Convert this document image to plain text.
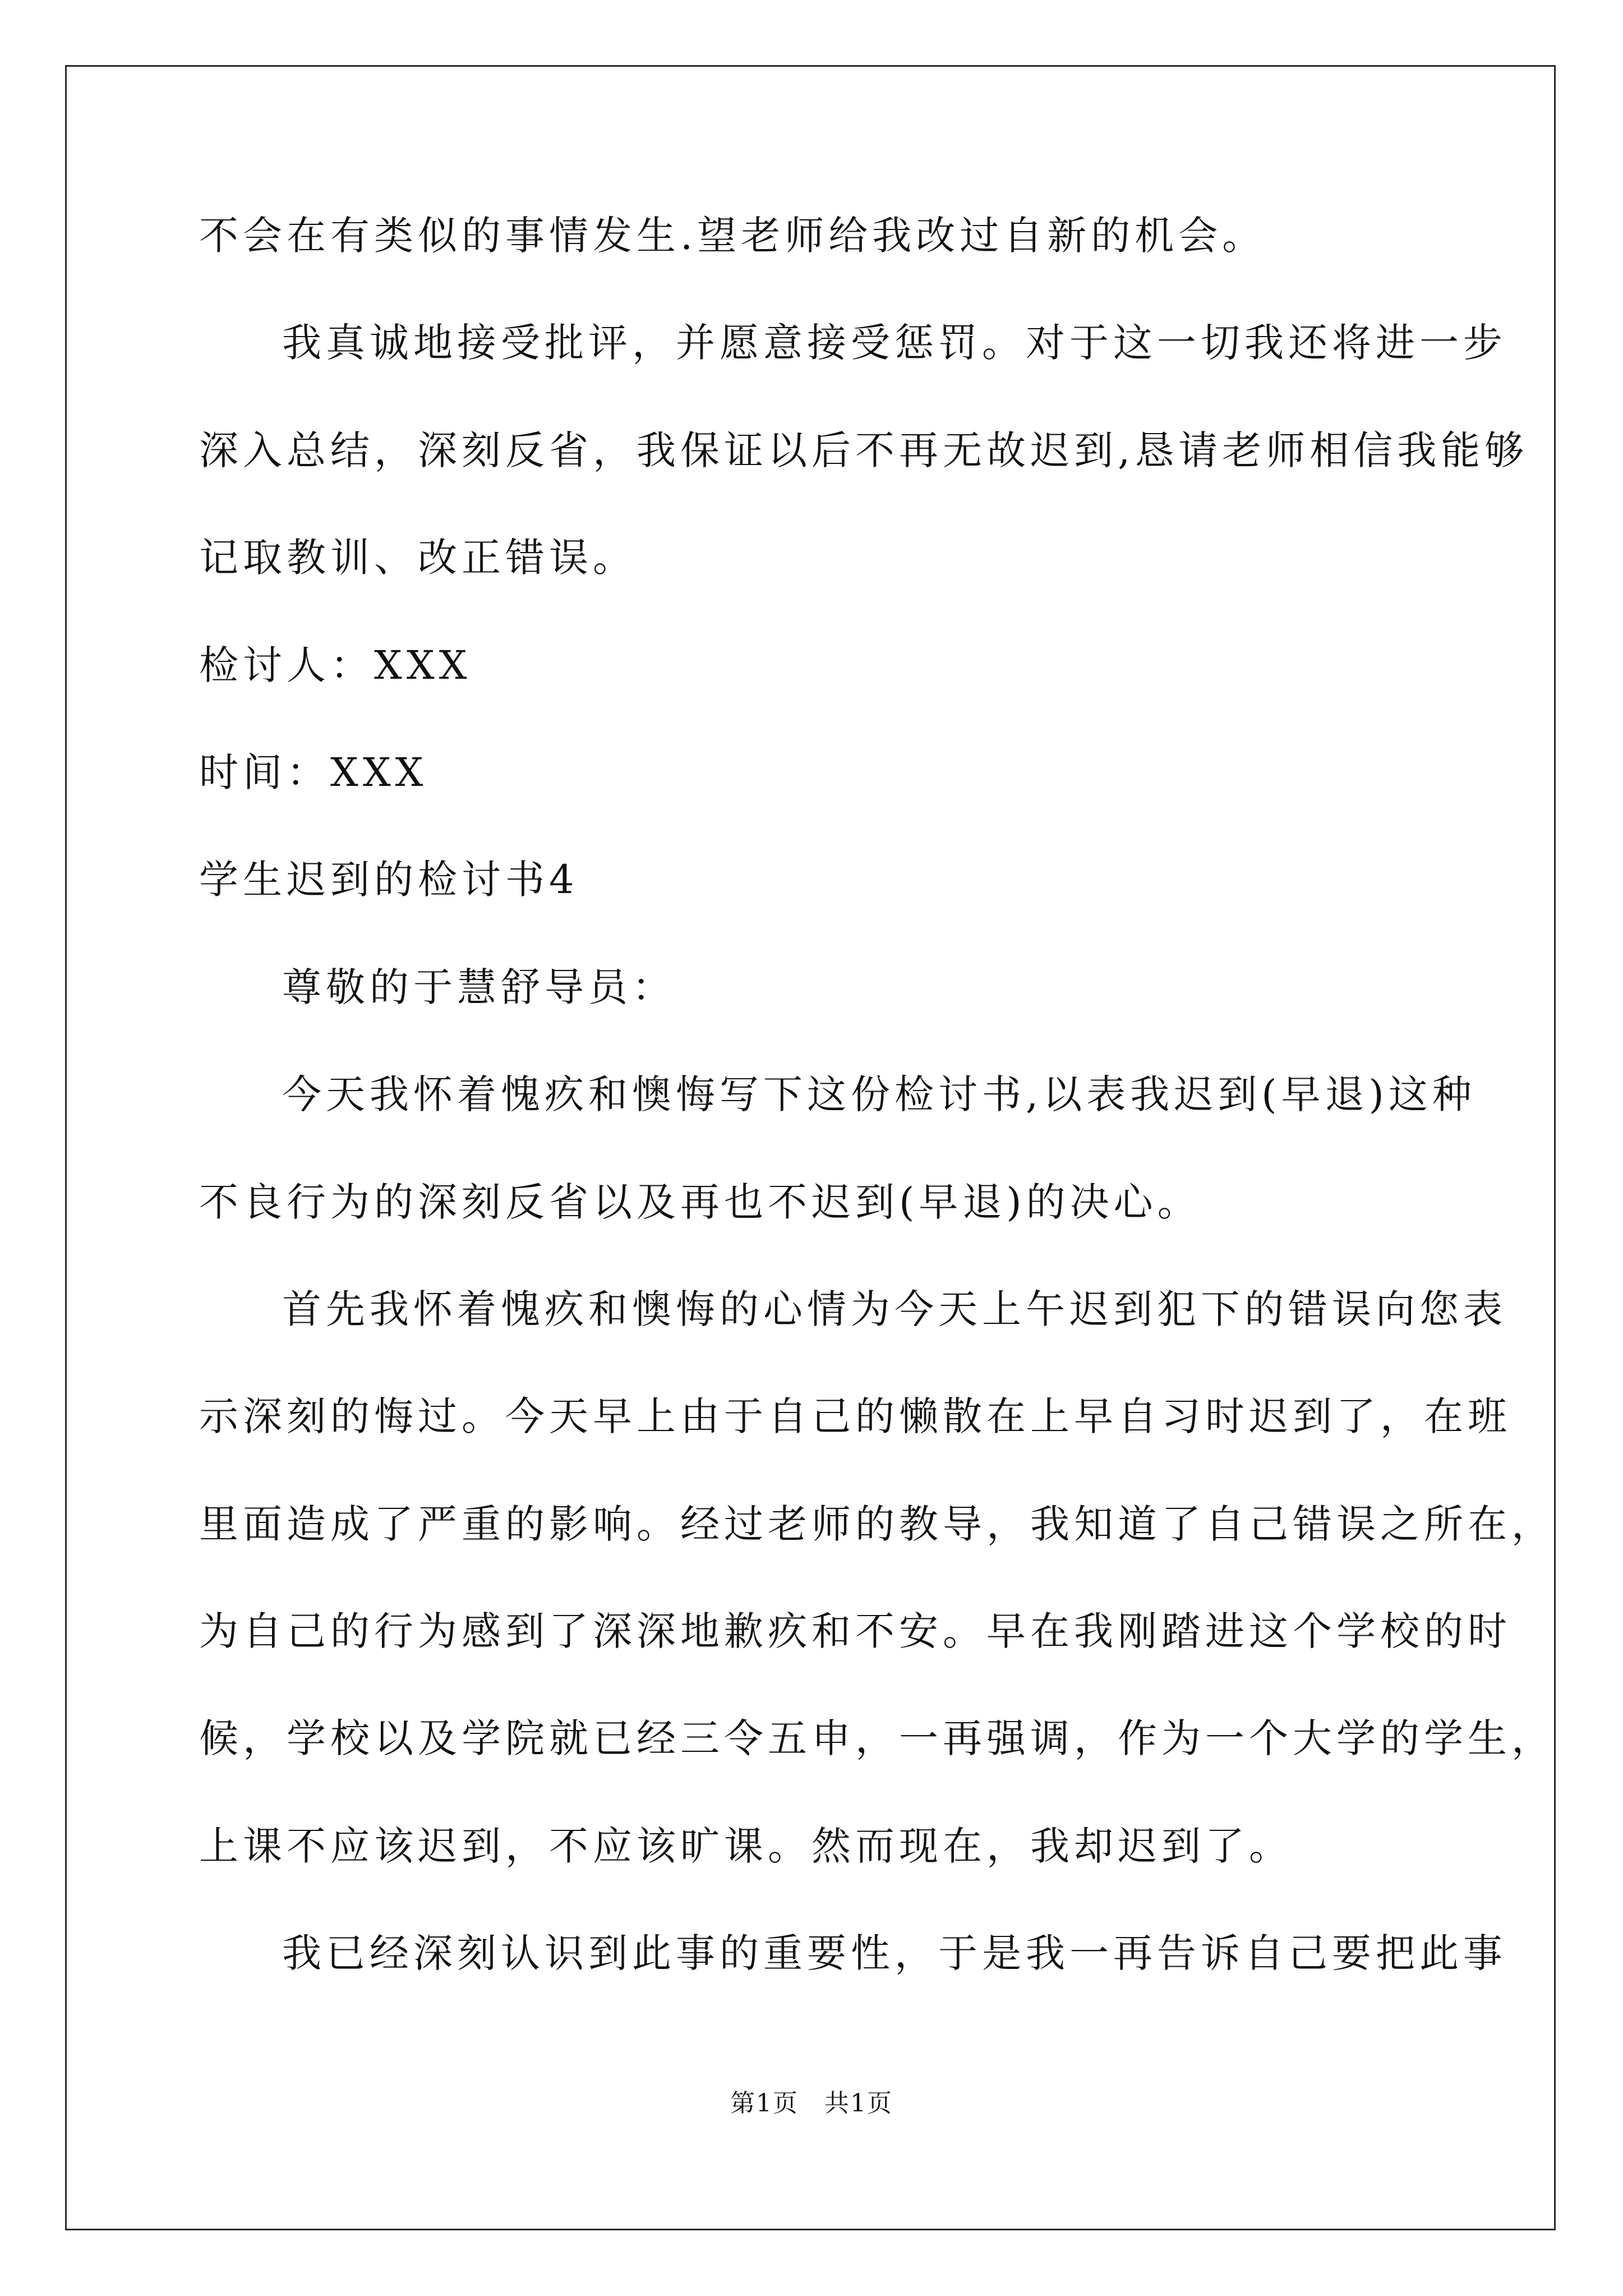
不会在有类似的事情发生.望老师给我改过自新的机会。
我真诚地接受批评，并愿意接受惩罚。对于这一切我还将进一步
深入总结，深刻反省，我保证以后不再无故迟到,恳请老师相信我能够
记取教训、改正错误。
检讨人：XXX
时间：XXX
学生迟到的检讨书4
尊敬的于慧舒导员：
今天我怀着愧疚和懊悔写下这份检讨书,以表我迟到(早退)这种
不良行为的深刻反省以及再也不迟到(早退)的决心。
首先我怀着愧疚和懊悔的心情为今天上午迟到犯下的错误向您表
示深刻的悔过。今天早上由于自己的懒散在上早自习时迟到了，在班
里面造成了严重的影响。经过老师的教导，我知道了自己错误之所在，
为自己的行为感到了深深地歉疚和不安。早在我刚踏进这个学校的时
候，学校以及学院就已经三令五申，一再强调，作为一个大学的学生，
上课不应该迟到，不应该旷课。然而现在，我却迟到了。
我已经深刻认识到此事的重要性，于是我一再告诉自己要把此事
第1页　共1页
